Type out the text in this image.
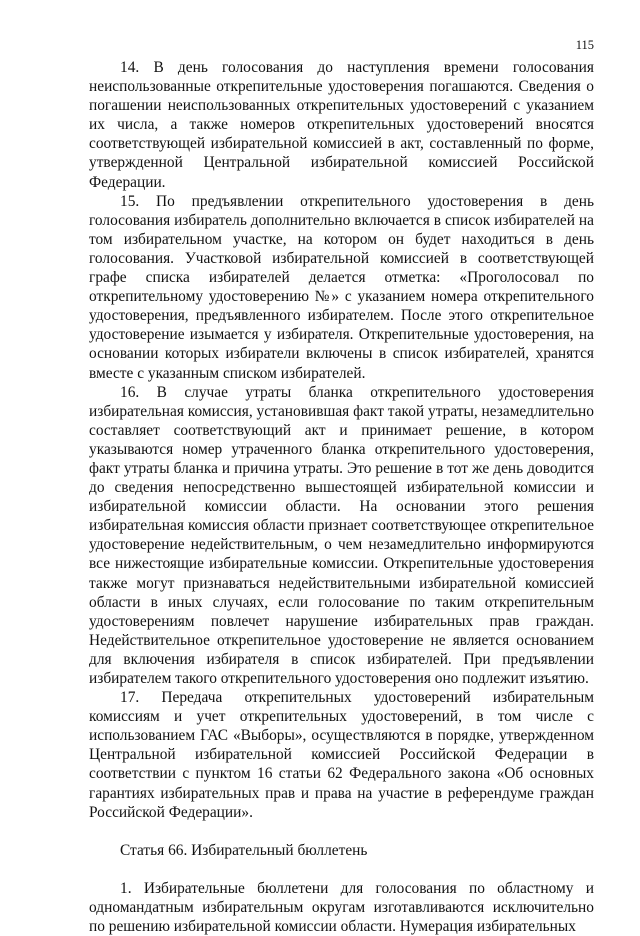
115

14. В день голосования до наступления времени голосования неиспользованные открепительные удостоверения погашаются. Сведения о погашении неиспользованных открепительных удостоверений с указанием их числа, а также номеров открепительных удостоверений вносятся соответствующей избирательной комиссией в акт, составленный по форме, утвержденной Центральной избирательной комиссией Российской Федерации.

15. По предъявлении открепительного удостоверения в день голосования избиратель дополнительно включается в список избирателей на том избирательном участке, на котором он будет находиться в день голосования. Участковой избирательной комиссией в соответствующей графе списка избирателей делается отметка: «Проголосовал по открепительному удостоверению №» с указанием номера открепительного удостоверения, предъявленного избирателем. После этого открепительное удостоверение изымается у избирателя. Открепительные удостоверения, на основании которых избиратели включены в список избирателей, хранятся вместе с указанным списком избирателей.

16. В случае утраты бланка открепительного удостоверения избирательная комиссия, установившая факт такой утраты, незамедлительно составляет соответствующий акт и принимает решение, в котором указываются номер утраченного бланка открепительного удостоверения, факт утраты бланка и причина утраты. Это решение в тот же день доводится до сведения непосредственно вышестоящей избирательной комиссии и избирательной комиссии области. На основании этого решения избирательная комиссия области признает соответствующее открепительное удостоверение недействительным, о чем незамедлительно информируются все нижестоящие избирательные комиссии. Открепительные удостоверения также могут признаваться недействительными избирательной комиссией области в иных случаях, если голосование по таким открепительным удостоверениям повлечет нарушение избирательных прав граждан. Недействительное открепительное удостоверение не является основанием для включения избирателя в список избирателей. При предъявлении избирателем такого открепительного удостоверения оно подлежит изъятию.

17. Передача открепительных удостоверений избирательным комиссиям и учет открепительных удостоверений, в том числе с использованием ГАС «Выборы», осуществляются в порядке, утвержденном Центральной избирательной комиссией Российской Федерации в соответствии с пунктом 16 статьи 62 Федерального закона «Об основных гарантиях избирательных прав и права на участие в референдуме граждан Российской Федерации».

Статья 66. Избирательный бюллетень

1. Избирательные бюллетени для голосования по областному и одномандатным избирательным округам изготавливаются исключительно по решению избирательной комиссии области. Нумерация избирательных
